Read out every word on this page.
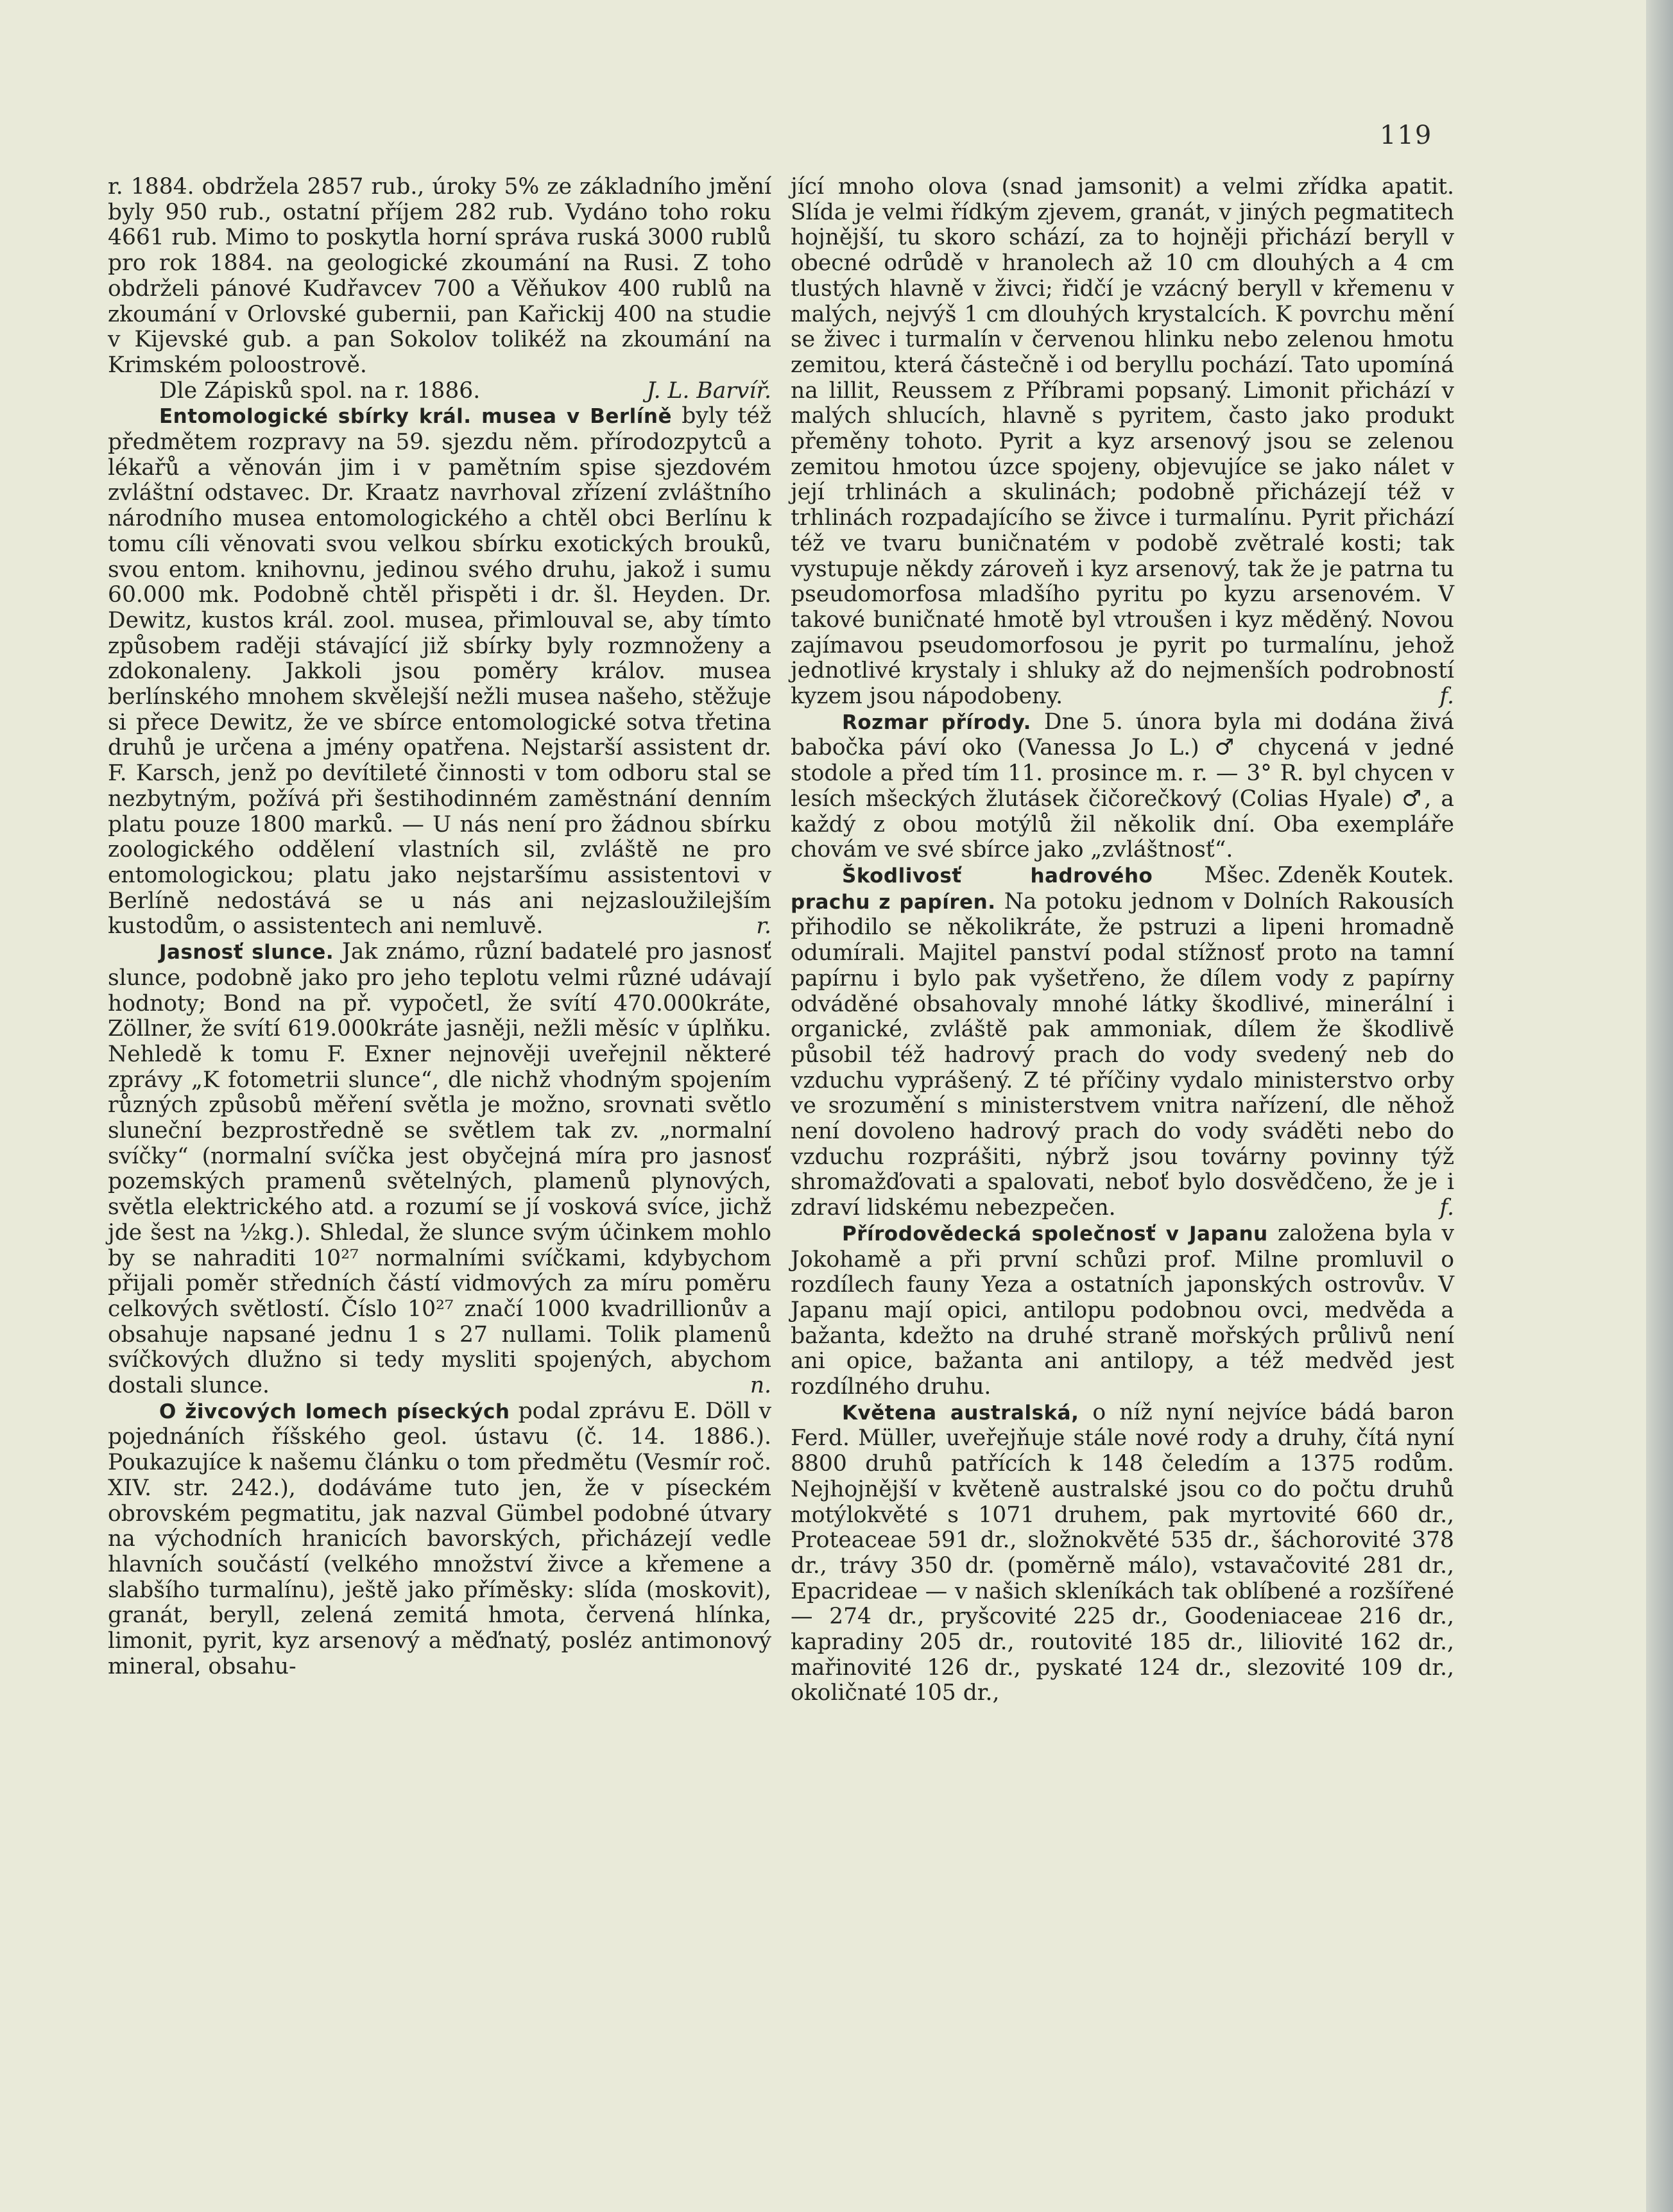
119

r. 1884. obdržela 2857 rub., úroky 5% ze základního jmění byly 950 rub., ostatní příjem 282 rub. Vydáno toho roku 4661 rub. Mimo to poskytla horní správa ruská 3000 rublů pro rok 1884. na geologické zkoumání na Rusi. Z toho obdrželi pánové Kudřavcev 700 a Věňukov 400 rublů na zkoumání v Orlovské gubernii, pan Kařickij 400 na studie v Kijevské gub. a pan Sokolov tolikéž na zkoumání na Krimském poloostrově.

Dle Zápisků spol. na r. 1886.	J. L. Barvíř.

Entomologické sbírky král. musea v Berlíně byly též předmětem rozpravy na 59. sjezdu něm. přírodozpytců a lékařů a věnován jim i v pamětním spise sjezdovém zvláštní odstavec. Dr. Kraatz navrhoval zřízení zvláštního národního musea entomologického a chtěl obci Berlínu k tomu cíli věnovati svou velkou sbírku exotických brouků, svou entom. knihovnu, jedinou svého druhu, jakož i sumu 60.000 mk. Podobně chtěl přispěti i dr. šl. Heyden. Dr. Dewitz, kustos král. zool. musea, přimlouval se, aby tímto způsobem raději stávající již sbírky byly rozmnoženy a zdokonaleny. Jakkoli jsou poměry králov. musea berlínského mnohem skvělejší nežli musea našeho, stěžuje si přece Dewitz, že ve sbírce entomologické sotva třetina druhů je určena a jmény opatřena. Nejstarší assistent dr. F. Karsch, jenž po devítileté činnosti v tom odboru stal se nezbytným, požívá při šestihodinném zaměstnání denním platu pouze 1800 marků. — U nás není pro žádnou sbírku zoologického oddělení vlastních sil, zvláště ne pro entomologickou; platu jako nejstaršímu assistentovi v Berlíně nedostává se u nás ani nejzasloužilejším kustodům, o assistentech ani nemluvě.	r.

Jasnosť slunce. Jak známo, různí badatelé pro jasnosť slunce, podobně jako pro jeho teplotu velmi různé udávají hodnoty; Bond na př. vypočetl, že svítí 470.000kráte, Zöllner, že svítí 619.000kráte jasněji, nežli měsíc v úplňku. Nehledě k tomu F. Exner nejnověji uveřejnil některé zprávy „K fotometrii slunce“, dle nichž vhodným spojením různých způsobů měření světla je možno, srovnati světlo sluneční bezprostředně se světlem tak zv. „normalní svíčky“ (normalní svíčka jest obyčejná míra pro jasnosť pozemských pramenů světelných, plamenů plynových, světla elektrického atd. a rozumí se jí vosková svíce, jichž jde šest na ½kg.). Shledal, že slunce svým účinkem mohlo by se nahraditi 10²⁷ normalními svíčkami, kdybychom přijali poměr středních částí vidmových za míru poměru celkových světlostí. Číslo 10²⁷ značí 1000 kvadrillionův a obsahuje napsané jednu 1 s 27 nullami. Tolik plamenů svíčkových dlužno si tedy mysliti spojených, abychom dostali slunce.	n.

O živcových lomech píseckých podal zprávu E. Döll v pojednáních říšského geol. ústavu (č. 14. 1886.). Poukazujíce k našemu článku o tom předmětu (Vesmír roč. XIV. str. 242.), dodáváme tuto jen, že v píseckém obrovském pegmatitu, jak nazval Gümbel podobné útvary na východních hranicích bavorských, přicházejí vedle hlavních součástí (velkého množství živce a křemene a slabšího turmalínu), ještě jako příměsky: slída (moskovit), granát, beryll, zelená zemitá hmota, červená hlínka, limonit, pyrit, kyz arsenový a měďnatý, posléz antimonový mineral, obsahu-

jící mnoho olova (snad jamsonit) a velmi zřídka apatit. Slída je velmi řídkým zjevem, granát, v jiných pegmatitech hojnější, tu skoro schází, za to hojněji přichází beryll v obecné odrůdě v hranolech až 10 cm dlouhých a 4 cm tlustých hlavně v živci; řidčí je vzácný beryll v křemenu v malých, nejvýš 1 cm dlouhých krystalcích. K povrchu mění se živec i turmalín v červenou hlinku nebo zelenou hmotu zemitou, která částečně i od beryllu pochází. Tato upomíná na lillit, Reussem z Příbrami popsaný. Limonit přichází v malých shlucích, hlavně s pyritem, často jako produkt přeměny tohoto. Pyrit a kyz arsenový jsou se zelenou zemitou hmotou úzce spojeny, objevujíce se jako nálet v její trhlinách a skulinách; podobně přicházejí též v trhlinách rozpadajícího se živce i turmalínu. Pyrit přichází též ve tvaru buničnatém v podobě zvětralé kosti; tak vystupuje někdy zároveň i kyz arsenový, tak že je patrna tu pseudomorfosa mladšího pyritu po kyzu arsenovém. V takové buničnaté hmotě byl vtroušen i kyz měděný. Novou zajímavou pseudomorfosou je pyrit po turmalínu, jehož jednotlivé krystaly i shluky až do nejmenších podrobností kyzem jsou nápodobeny.	f.

Rozmar přírody. Dne 5. února byla mi dodána živá babočka páví oko (Vanessa Jo L.) ♂ chycená v jedné stodole a před tím 11. prosince m. r. — 3° R. byl chycen v lesích mšeckých žlutásek čičorečkový (Colias Hyale) ♂, a každý z obou motýlů žil několik dní. Oba exempláře chovám ve své sbírce jako „zvláštnosť“.
Mšec. Zdeněk Koutek.

Škodlivosť hadrového prachu z papíren. Na potoku jednom v Dolních Rakousích přihodilo se několikráte, že pstruzi a lipeni hromadně odumírali. Majitel panství podal stížnosť proto na tamní papírnu i bylo pak vyšetřeno, že dílem vody z papírny odváděné obsahovaly mnohé látky škodlivé, minerální i organické, zvláště pak ammoniak, dílem že škodlivě působil též hadrový prach do vody svedený neb do vzduchu vyprášený. Z té příčiny vydalo ministerstvo orby ve srozumění s ministerstvem vnitra nařízení, dle něhož není dovoleno hadrový prach do vody sváděti nebo do vzduchu rozprášiti, nýbrž jsou továrny povinny týž shromažďovati a spalovati, neboť bylo dosvědčeno, že je i zdraví lidskému nebezpečen.	f.

Přírodovědecká společnosť v Japanu založena byla v Jokohamě a při první schůzi prof. Milne promluvil o rozdílech fauny Yeza a ostatních japonských ostrovův. V Japanu mají opici, antilopu podobnou ovci, medvěda a bažanta, kdežto na druhé straně mořských průlivů není ani opice, bažanta ani antilopy, a též medvěd jest rozdílného druhu.

Květena australská, o níž nyní nejvíce bádá baron Ferd. Müller, uveřejňuje stále nové rody a druhy, čítá nyní 8800 druhů patřících k 148 čeledím a 1375 rodům. Nejhojnější v květeně australské jsou co do počtu druhů motýlokvěté s 1071 druhem, pak myrtovité 660 dr., Proteaceae 591 dr., složnokvěté 535 dr., šáchorovité 378 dr., trávy 350 dr. (poměrně málo), vstavačovité 281 dr., Epacrideae — v našich skleníkách tak oblíbené a rozšířené — 274 dr., pryšcovité 225 dr., Goodeniaceae 216 dr., kapradiny 205 dr., routovité 185 dr., liliovité 162 dr., mařinovité 126 dr., pyskaté 124 dr., slezovité 109 dr., okoličnaté 105 dr.,
